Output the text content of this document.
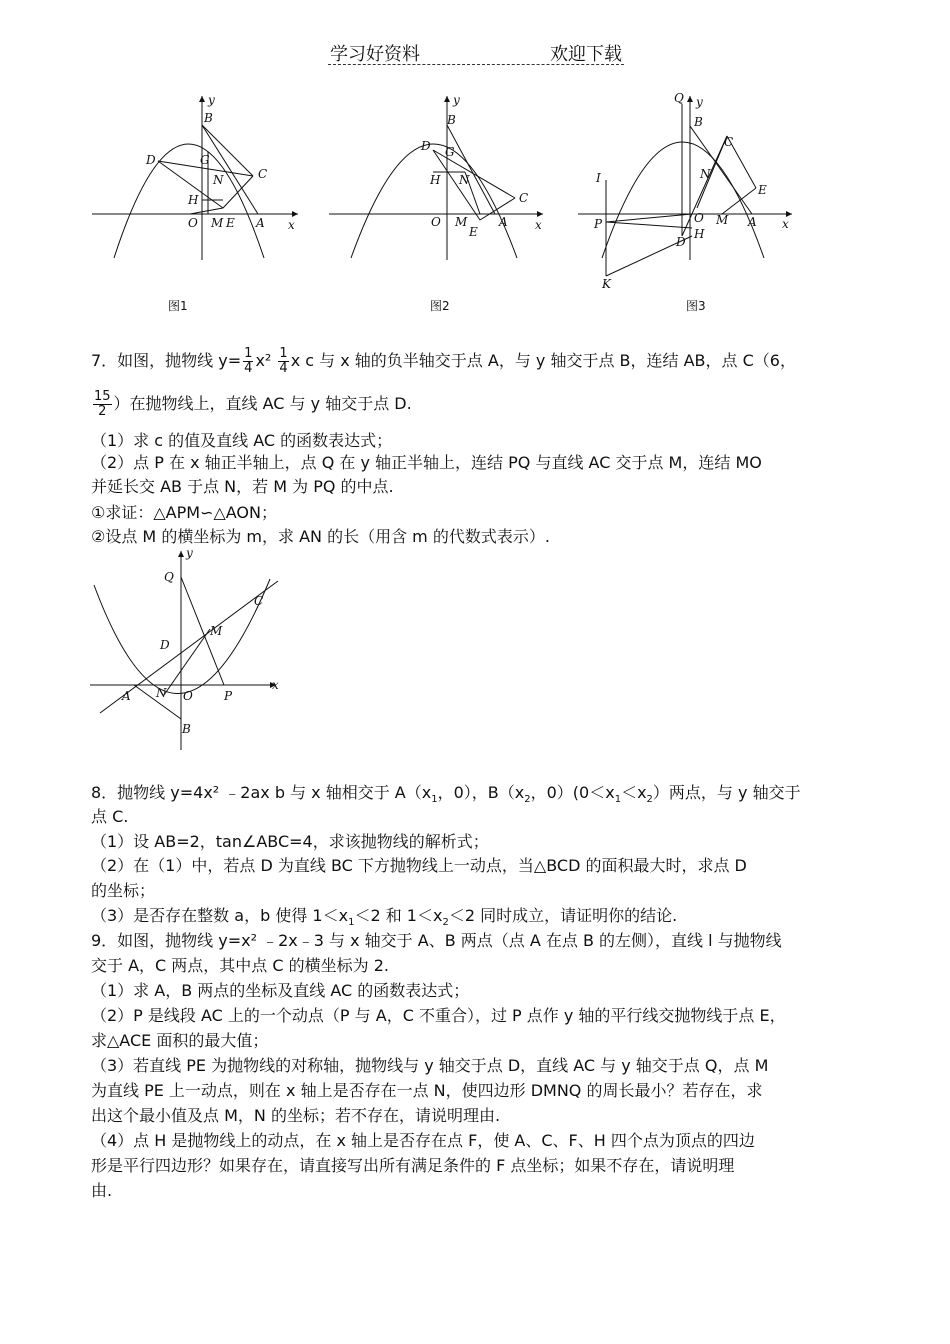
学习好资料	欢迎下载
y
B
D	G
N	C
H
O M E A x
图1
y
B
D G
H N
C
O M
E
A x
图2
Q y
B
C
I	N
E
P	O M A x
D
H
K
图3
7．如图，抛物线 $y= \frac{1}{4} x^2 \frac{1}{4}$ x c 与 x 轴的负半轴交于点 A，与 y 轴交于点 B，连结 AB，点 C（6，
$\frac{15}{2}$ ）在抛物线上，直线 AC 与 y 轴交于点 D.
（1）求 c 的值及直线 AC 的函数表达式；
（2）点 P 在 x 轴正半轴上，点 Q 在 y 轴正半轴上，连结 PQ 与直线 AC 交于点 M，连结 MO
并延长交 AB 于点 N，若 M 为 PQ 的中点.
①求证：△APM∽△AON；
②设点 M 的横坐标为 m，求 AN 的长（用含 m 的代数式表示）.
y
Q
C
M
D
A N O	P
x
B
8．抛物线 y=4x² ﹣2ax b 与 x 轴相交于 $A(x_1$，0），$B(x_2$，$0)(0<x_1<x_2)$两点，与 y 轴交于
点 C.
（1）设 AB=2，tan∠ABC=4，求该抛物线的解析式；
（2）在（1）中，若点 D 为直线 BC 下方抛物线上一动点，当△BCD 的面积最大时，求点 D
的坐标；
（3）是否存在整数 a，b 使得 $1<x_1<2$ 和 $1<x_2<2$ 同时成立，请证明你的结论.
9．如图，抛物线 y=x² ﹣2x﹣3 与 x 轴交于 A、B 两点（点 A 在点 B 的左侧），直线 l 与抛物线
交于 A，C 两点，其中点 C 的横坐标为 2.
（1）求 A，B 两点的坐标及直线 AC 的函数表达式；
（2）P 是线段 AC 上的一个动点（P 与 A，C 不重合），过 P 点作 y 轴的平行线交抛物线于点 E，
求△ACE 面积的最大值；
（3）若直线 PE 为抛物线的对称轴，抛物线与 y 轴交于点 D，直线 AC 与 y 轴交于点 Q，点 M
为直线 PE 上一动点，则在 x 轴上是否存在一点 N，使四边形 DMNQ 的周长最小？若存在，求
出这个最小值及点 M，N 的坐标；若不存在，请说明理由.
（4）点 H 是抛物线上的动点，在 x 轴上是否存在点 F，使 A、C、F、H 四个点为顶点的四边
形是平行四边形？如果存在，请直接写出所有满足条件的 F 点坐标；如果不存在，请说明理
由.
